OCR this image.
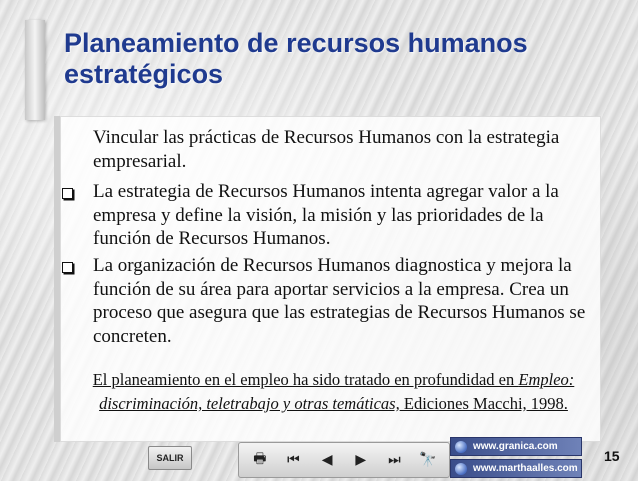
Planeamiento de recursos humanos estratégicos
Vincular las prácticas de Recursos Humanos con la estrategia empresarial.
La estrategia de Recursos Humanos intenta agregar valor a la empresa y define la visión, la misión y las prioridades de la función de Recursos Humanos.
La organización de Recursos Humanos diagnostica y mejora la función de su área para aportar servicios a la empresa. Crea un proceso que asegura que las estrategias de Recursos Humanos se concreten.
El planeamiento en el empleo ha sido tratado en profundidad en Empleo: discriminación, teletrabajo y otras temáticas, Ediciones Macchi, 1998.
SALIR	🖶	⏮	◀	▶	⏭	🔭
www.granica.com
www.marthaalles.com
15
